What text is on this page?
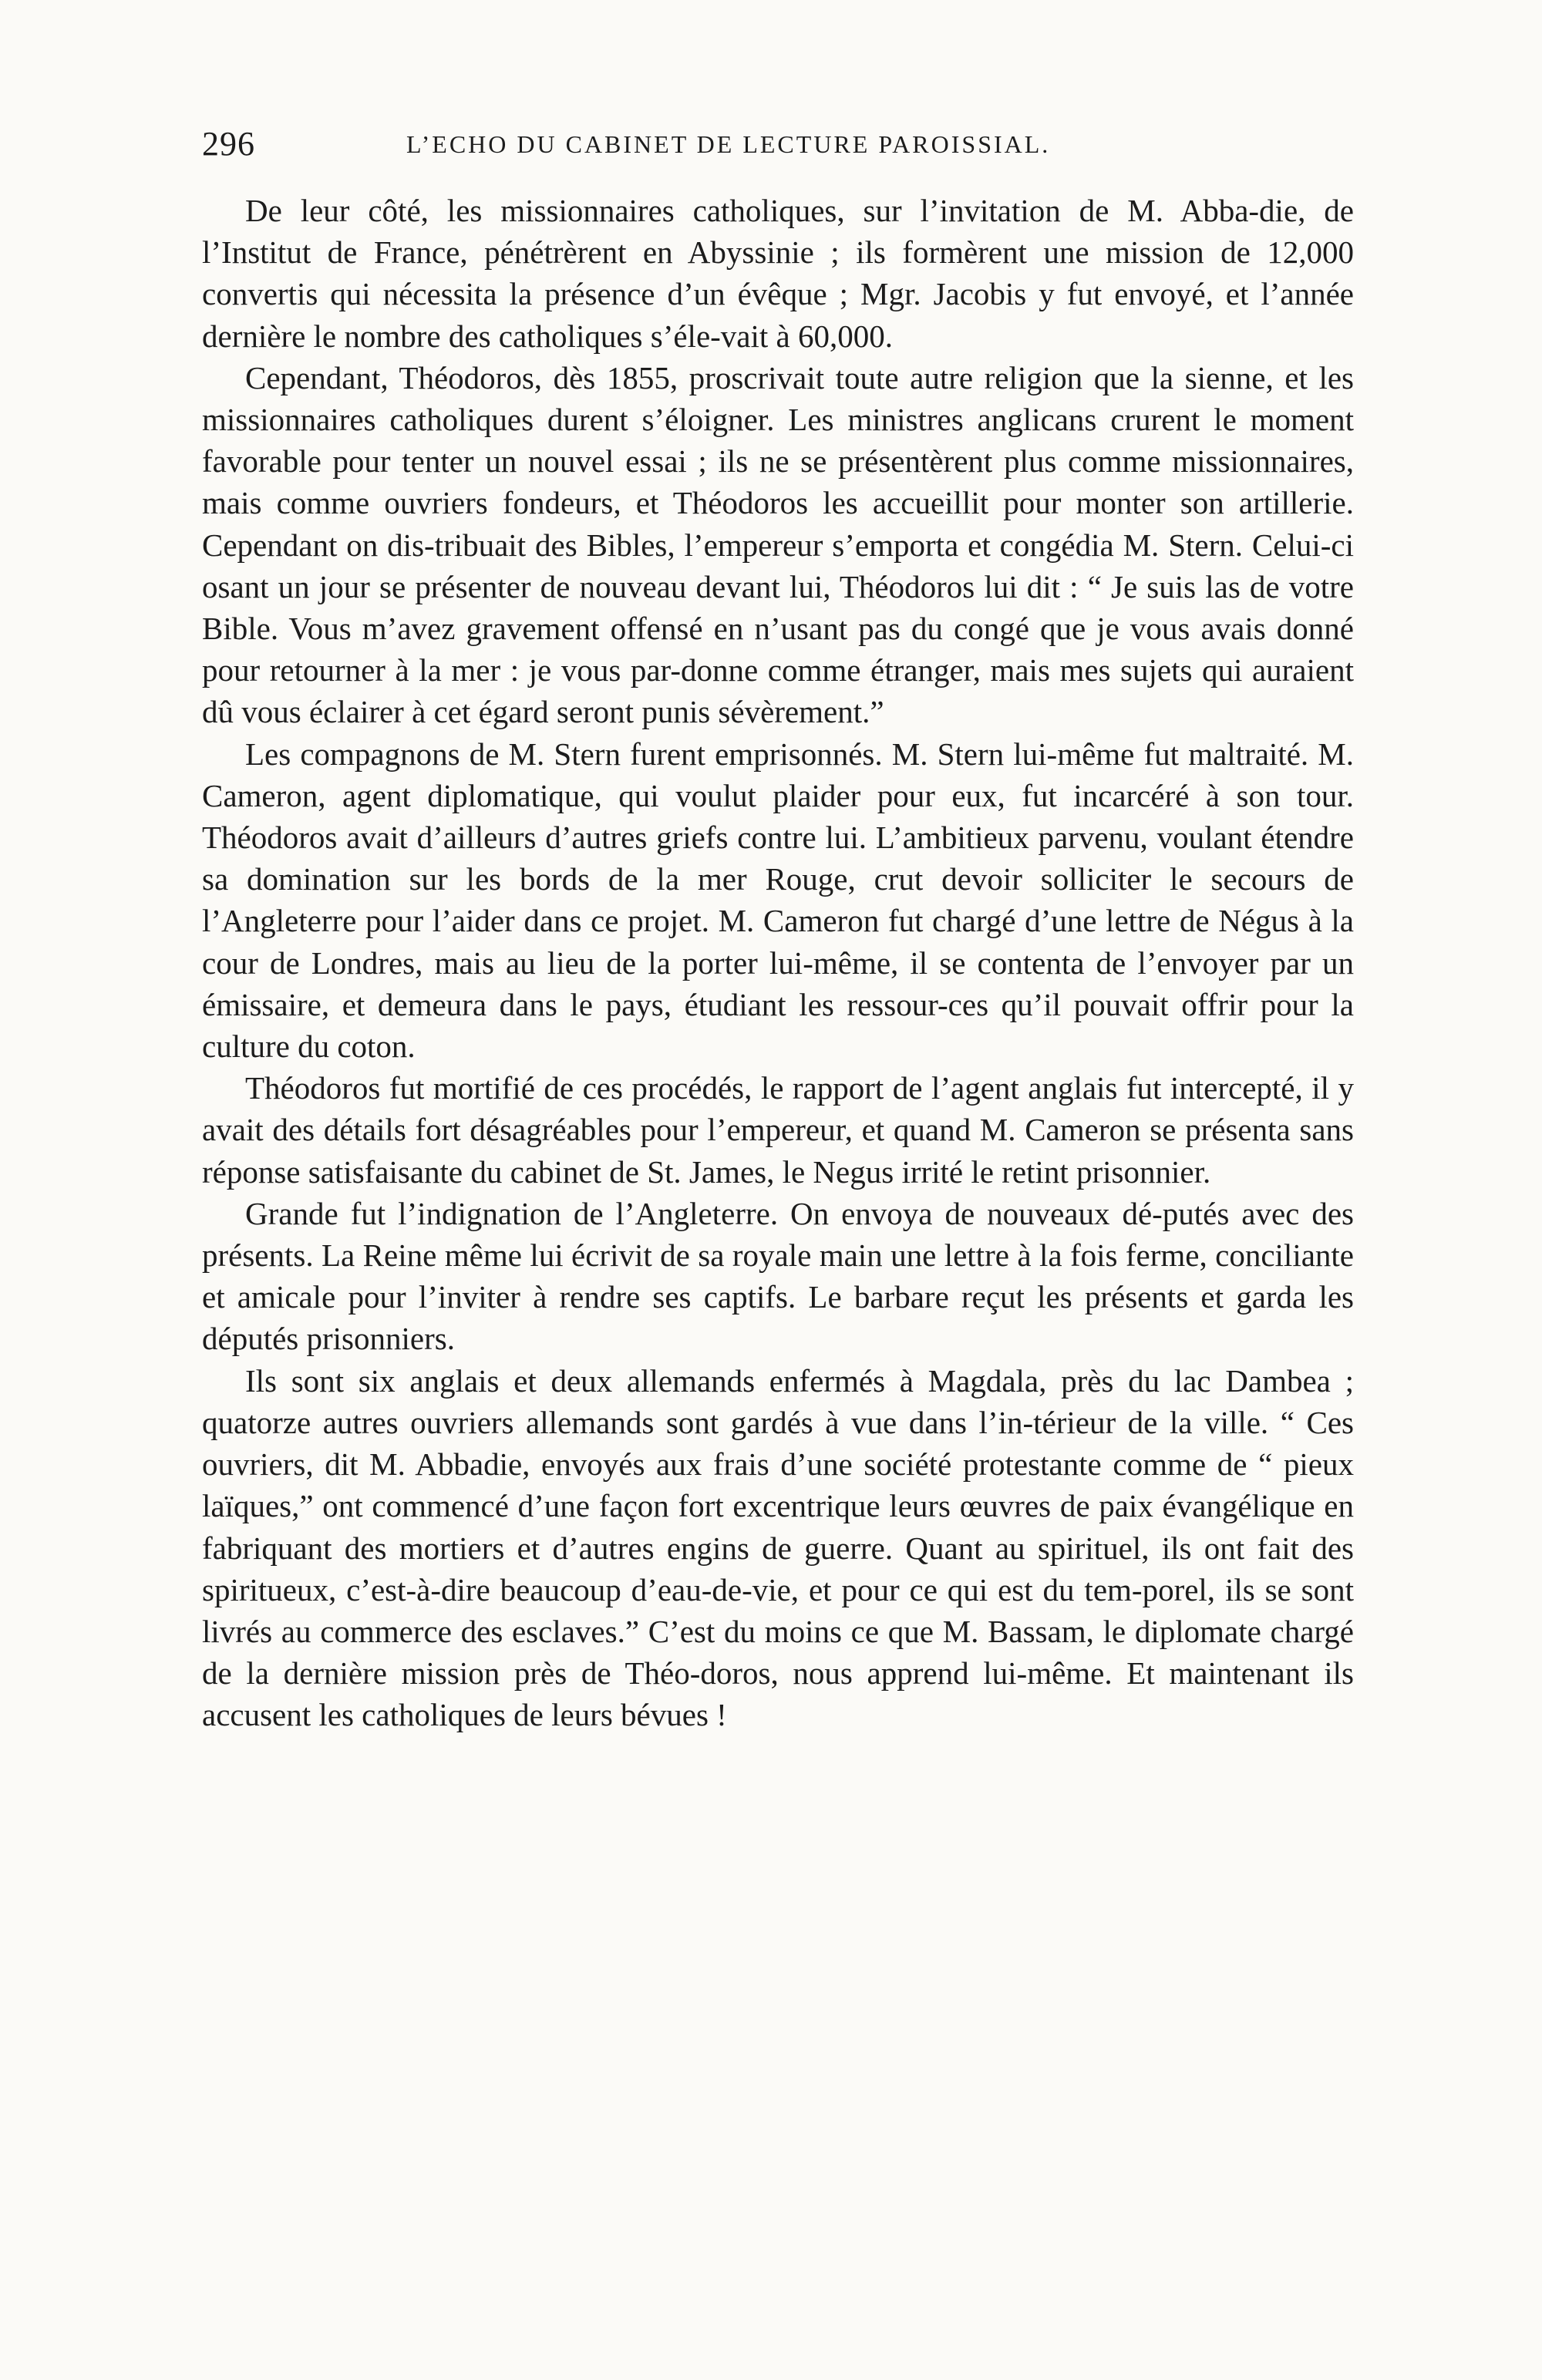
296	L’ECHO DU CABINET DE LECTURE PAROISSIAL.

De leur côté, les missionnaires catholiques, sur l’invitation de M. Abba-die, de l’Institut de France, pénétrèrent en Abyssinie ; ils formèrent une mission de 12,000 convertis qui nécessita la présence d’un évêque ; Mgr. Jacobis y fut envoyé, et l’année dernière le nombre des catholiques s’éle-vait à 60,000.

Cependant, Théodoros, dès 1855, proscrivait toute autre religion que la sienne, et les missionnaires catholiques durent s’éloigner. Les ministres anglicans crurent le moment favorable pour tenter un nouvel essai ; ils ne se présentèrent plus comme missionnaires, mais comme ouvriers fondeurs, et Théodoros les accueillit pour monter son artillerie. Cependant on dis-tribuait des Bibles, l’empereur s’emporta et congédia M. Stern. Celui-ci osant un jour se présenter de nouveau devant lui, Théodoros lui dit : “ Je suis las de votre Bible. Vous m’avez gravement offensé en n’usant pas du congé que je vous avais donné pour retourner à la mer : je vous par-donne comme étranger, mais mes sujets qui auraient dû vous éclairer à cet égard seront punis sévèrement.”

Les compagnons de M. Stern furent emprisonnés. M. Stern lui-même fut maltraité. M. Cameron, agent diplomatique, qui voulut plaider pour eux, fut incarcéré à son tour. Théodoros avait d’ailleurs d’autres griefs contre lui. L’ambitieux parvenu, voulant étendre sa domination sur les bords de la mer Rouge, crut devoir solliciter le secours de l’Angleterre pour l’aider dans ce projet. M. Cameron fut chargé d’une lettre de Négus à la cour de Londres, mais au lieu de la porter lui-même, il se contenta de l’envoyer par un émissaire, et demeura dans le pays, étudiant les ressour-ces qu’il pouvait offrir pour la culture du coton.

Théodoros fut mortifié de ces procédés, le rapport de l’agent anglais fut intercepté, il y avait des détails fort désagréables pour l’empereur, et quand M. Cameron se présenta sans réponse satisfaisante du cabinet de St. James, le Negus irrité le retint prisonnier.

Grande fut l’indignation de l’Angleterre. On envoya de nouveaux dé-putés avec des présents. La Reine même lui écrivit de sa royale main une lettre à la fois ferme, conciliante et amicale pour l’inviter à rendre ses captifs. Le barbare reçut les présents et garda les députés prisonniers.

Ils sont six anglais et deux allemands enfermés à Magdala, près du lac Dambea ; quatorze autres ouvriers allemands sont gardés à vue dans l’in-térieur de la ville. “ Ces ouvriers, dit M. Abbadie, envoyés aux frais d’une société protestante comme de “ pieux laïques,” ont commencé d’une façon fort excentrique leurs œuvres de paix évangélique en fabriquant des mortiers et d’autres engins de guerre. Quant au spirituel, ils ont fait des spiritueux, c’est-à-dire beaucoup d’eau-de-vie, et pour ce qui est du tem-porel, ils se sont livrés au commerce des esclaves.” C’est du moins ce que M. Bassam, le diplomate chargé de la dernière mission près de Théo-doros, nous apprend lui-même. Et maintenant ils accusent les catholiques de leurs bévues !
